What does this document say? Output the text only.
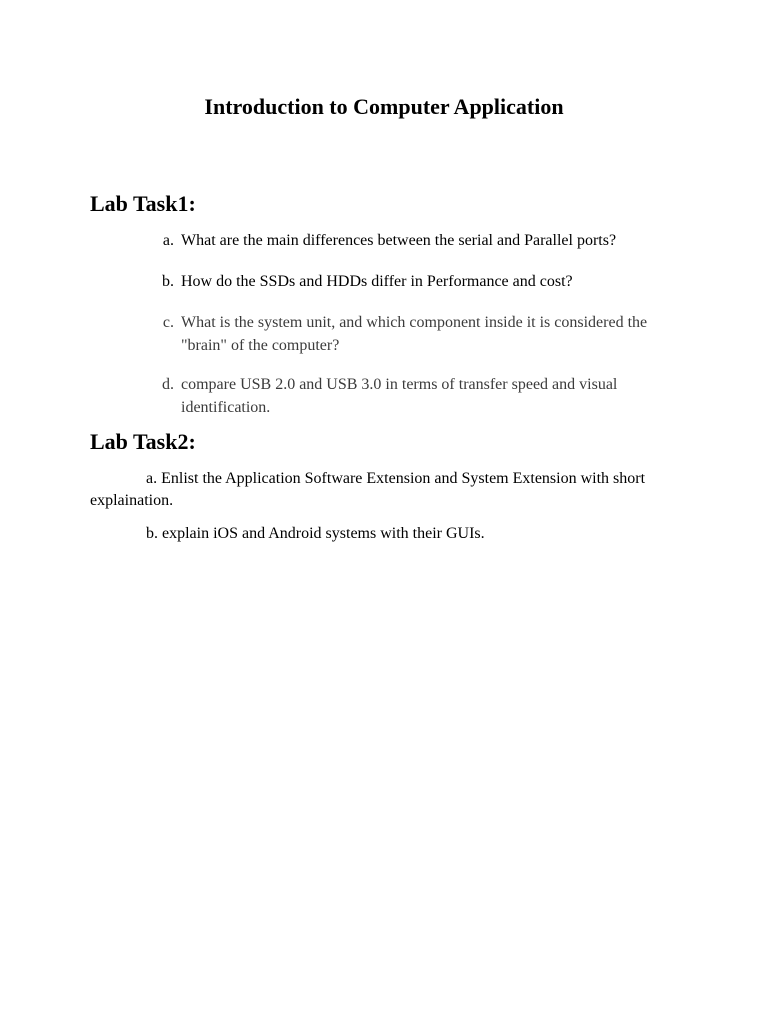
Introduction to Computer Application
Lab Task1:
a. What are the main differences between the serial and Parallel ports?
b. How do the SSDs and HDDs differ in Performance and cost?
c. What is the system unit, and which component inside it is considered the "brain" of the computer?
d. compare USB 2.0 and USB 3.0 in terms of transfer speed and visual identification.
Lab Task2:

a. Enlist the Application Software Extension and System Extension with short explaination.

b. explain iOS and Android systems with their GUIs.
